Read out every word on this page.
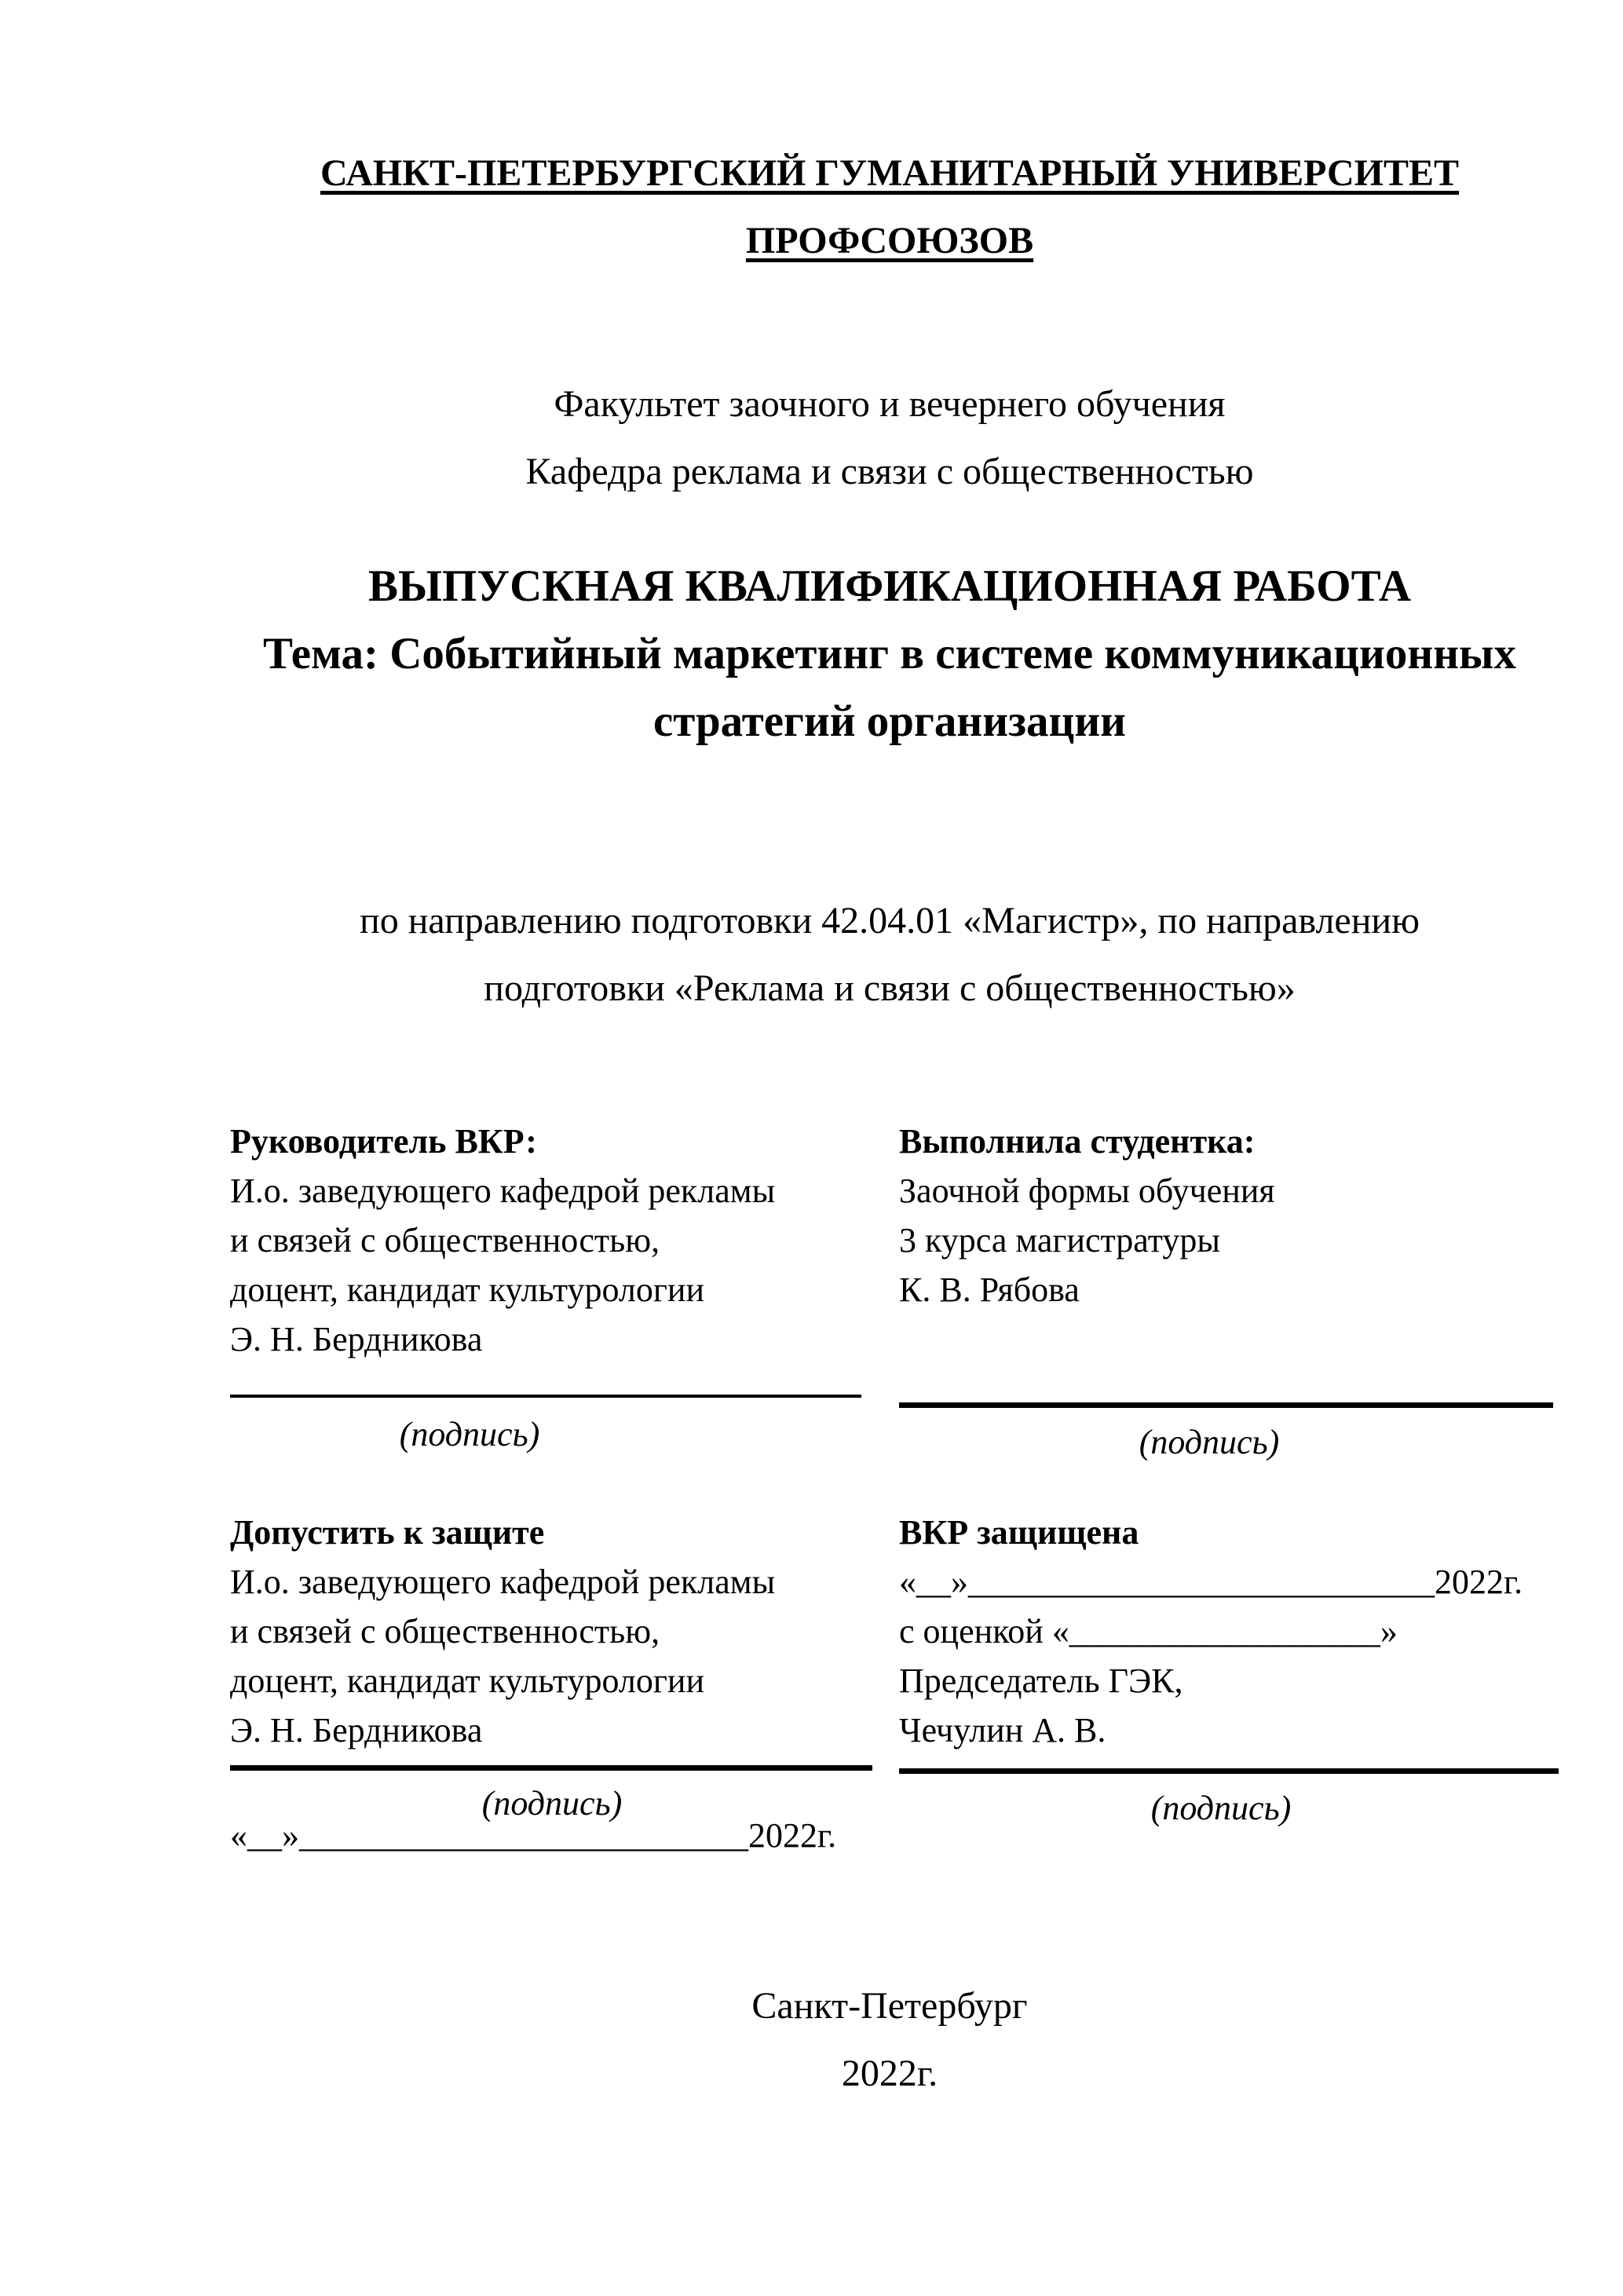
САНКТ-ПЕТЕРБУРГСКИЙ ГУМАНИТАРНЫЙ УНИВЕРСИТЕТ
ПРОФСОЮЗОВ
Факультет заочного и вечернего обучения
Кафедра реклама и связи с общественностью
ВЫПУСКНАЯ КВАЛИФИКАЦИОННАЯ РАБОТА
Тема: Событийный маркетинг в системе коммуникационных
стратегий организации
по направлению подготовки 42.04.01 «Магистр», по направлению
подготовки «Реклама и связи с общественностью»
Руководитель ВКР:
И.о. заведующего кафедрой рекламы
и связей с общественностью,
доцент, кандидат культурологии
Э. Н. Бердникова
Выполнила студентка:
Заочной формы обучения
3 курса магистратуры
К. В. Рябова
(подпись)	(подпись)
Допустить к защите
И.о. заведующего кафедрой рекламы
и связей с общественностью,
доцент, кандидат культурологии
Э. Н. Бердникова
ВКР защищена
«__»___________________________2022г.
с оценкой «__________________»
Председатель ГЭК,
Чечулин А. В.
(подпись)	(подпись)
«__»__________________________2022г.
Санкт-Петербург
2022г.
